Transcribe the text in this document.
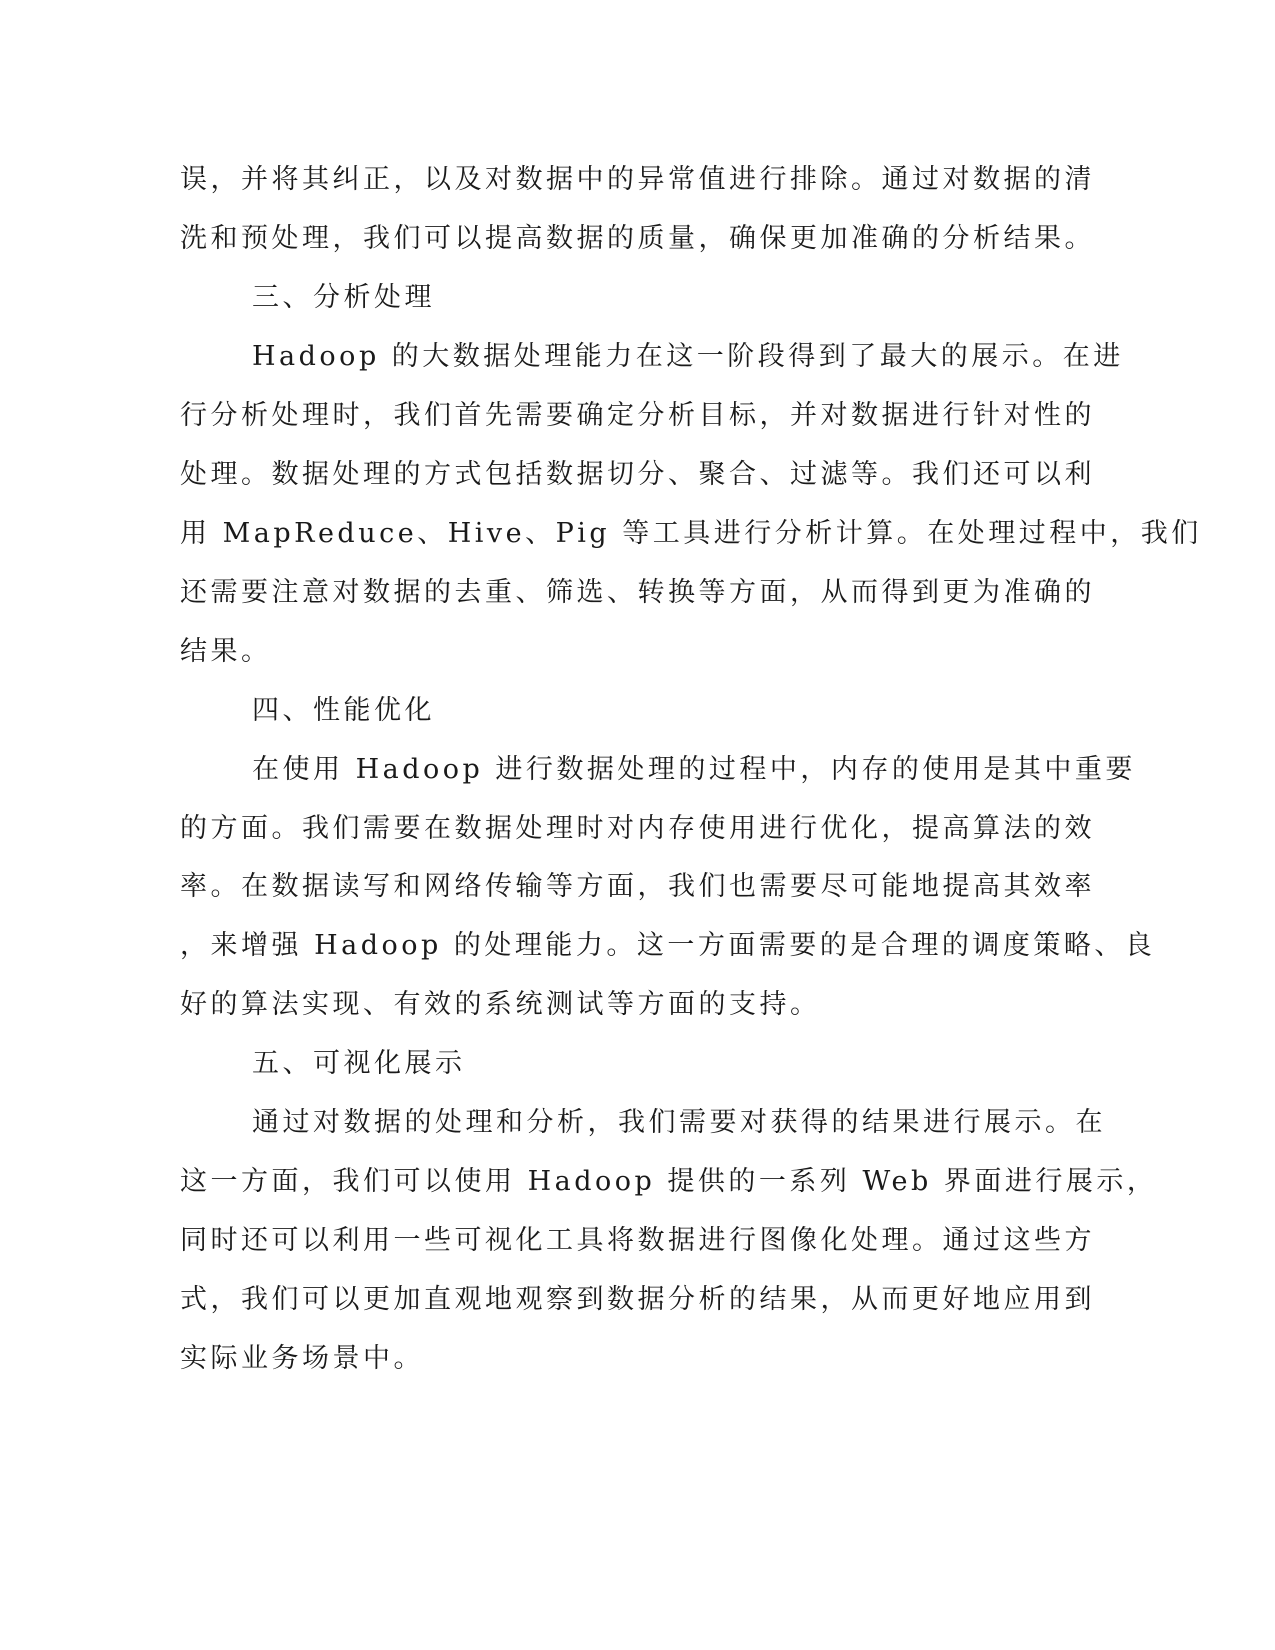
误，并将其纠正，以及对数据中的异常值进行排除。通过对数据的清

洗和预处理，我们可以提高数据的质量，确保更加准确的分析结果。

三、分析处理

Hadoop 的大数据处理能力在这一阶段得到了最大的展示。在进

行分析处理时，我们首先需要确定分析目标，并对数据进行针对性的

处理。数据处理的方式包括数据切分、聚合、过滤等。我们还可以利

用 MapReduce、Hive、Pig 等工具进行分析计算。在处理过程中，我们

还需要注意对数据的去重、筛选、转换等方面，从而得到更为准确的

结果。

四、性能优化

在使用 Hadoop 进行数据处理的过程中，内存的使用是其中重要

的方面。我们需要在数据处理时对内存使用进行优化，提高算法的效

率。在数据读写和网络传输等方面，我们也需要尽可能地提高其效率

，来增强 Hadoop 的处理能力。这一方面需要的是合理的调度策略、良

好的算法实现、有效的系统测试等方面的支持。

五、可视化展示

通过对数据的处理和分析，我们需要对获得的结果进行展示。在

这一方面，我们可以使用 Hadoop 提供的一系列 Web 界面进行展示，

同时还可以利用一些可视化工具将数据进行图像化处理。通过这些方

式，我们可以更加直观地观察到数据分析的结果，从而更好地应用到

实际业务场景中。
